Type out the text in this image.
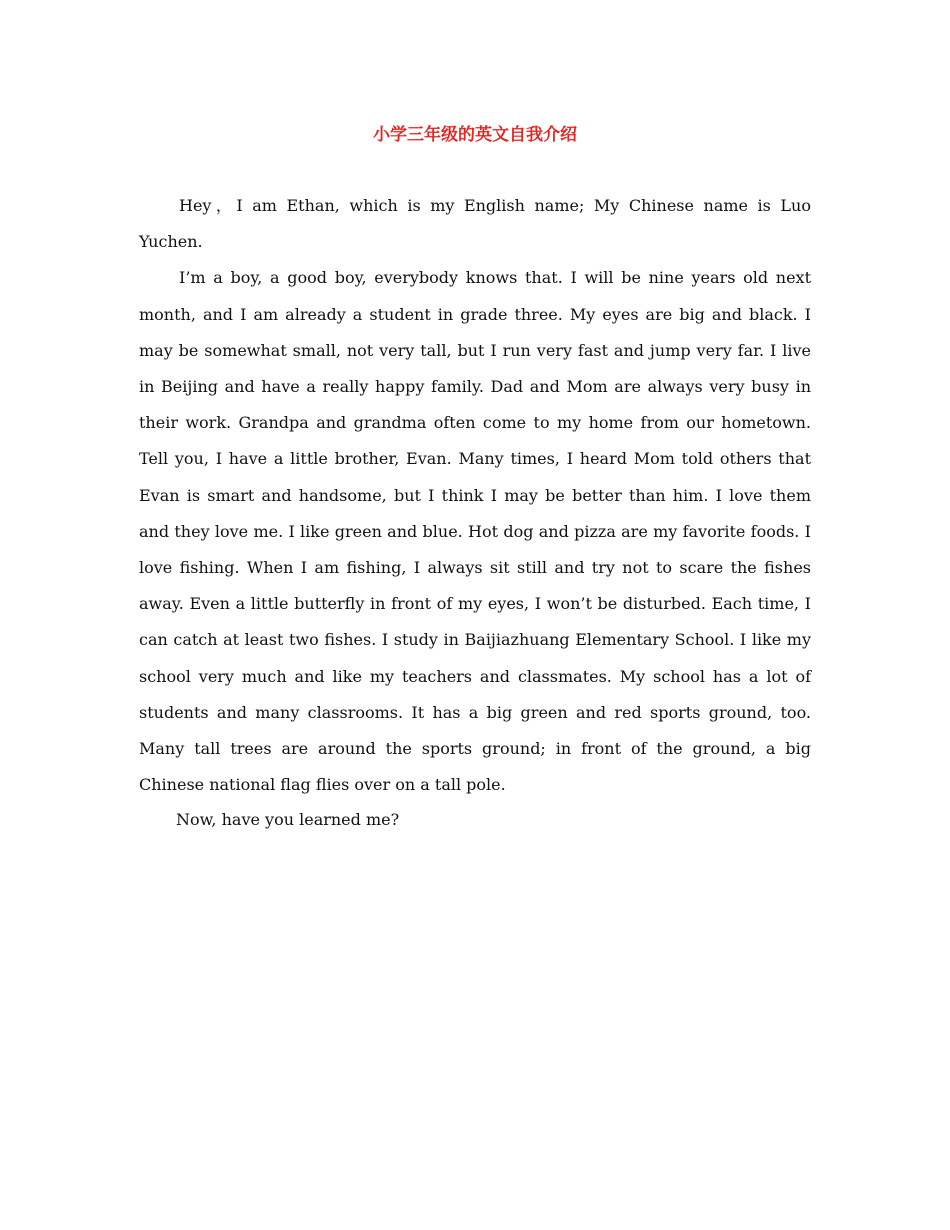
小学三年级的英文自我介绍

Hey，I am Ethan, which is my English name; My Chinese name is Luo Yuchen.

I’m a boy, a good boy, everybody knows that. I will be nine years old next month, and I am already a student in grade three. My eyes are big and black. I may be somewhat small, not very tall, but I run very fast and jump very far. I live in Beijing and have a really happy family. Dad and Mom are always very busy in their work. Grandpa and grandma often come to my home from our hometown. Tell you, I have a little brother, Evan. Many times, I heard Mom told others that Evan is smart and handsome, but I think I may be better than him. I love them and they love me. I like green and blue. Hot dog and pizza are my favorite foods. I love fishing. When I am fishing, I always sit still and try not to scare the fishes away. Even a little butterfly in front of my eyes, I won’t be disturbed. Each time, I can catch at least two fishes. I study in Baijiazhuang Elementary School. I like my school very much and like my teachers and classmates. My school has a lot of students and many classrooms. It has a big green and red sports ground, too. Many tall trees are around the sports ground; in front of the ground, a big Chinese national flag flies over on a tall pole.

Now, have you learned me?
